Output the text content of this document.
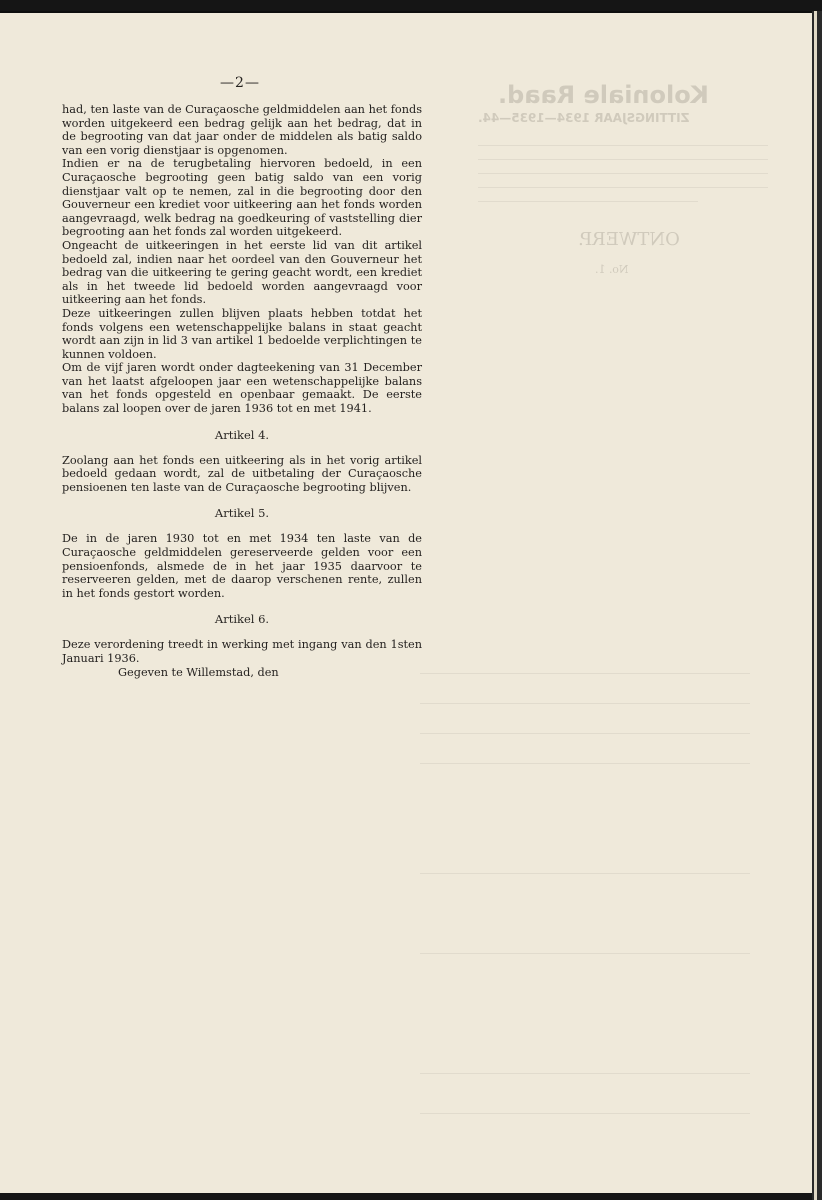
Koloniale Raad.
ZITTINGSJAAR 1934—1935—44.
ONTWERP.
No. 1.
—2—

had, ten laste van de Curaçaosche geldmiddelen aan het fonds worden uitgekeerd een bedrag gelijk aan het bedrag, dat in de begrooting van dat jaar onder de middelen als batig saldo van een vorig dienstjaar is opgenomen.

Indien er na de terugbetaling hiervoren bedoeld, in een Curaçaosche begrooting geen batig saldo van een vorig dienstjaar valt op te nemen, zal in die begrooting door den Gouverneur een krediet voor uitkeering aan het fonds worden aangevraagd, welk bedrag na goedkeuring of vaststelling dier begrooting aan het fonds zal worden uitgekeerd.

Ongeacht de uitkeeringen in het eerste lid van dit artikel bedoeld zal, indien naar het oordeel van den Gouverneur het bedrag van die uitkeering te gering geacht wordt, een krediet als in het tweede lid bedoeld worden aangevraagd voor uitkeering aan het fonds.

Deze uitkeeringen zullen blijven plaats hebben totdat het fonds volgens een wetenschappelijke balans in staat geacht wordt aan zijn in lid 3 van artikel 1 bedoelde verplichtingen te kunnen voldoen.

Om de vijf jaren wordt onder dagteekening van 31 December van het laatst afgeloopen jaar een wetenschappelijke balans van het fonds opgesteld en openbaar gemaakt. De eerste balans zal loopen over de jaren 1936 tot en met 1941.

Artikel 4.

Zoolang aan het fonds een uitkeering als in het vorig artikel bedoeld gedaan wordt, zal de uitbetaling der Curaçaosche pensioenen ten laste van de Curaçaosche begrooting blijven.

Artikel 5.

De in de jaren 1930 tot en met 1934 ten laste van de Curaçaosche geldmiddelen gereserveerde gelden voor een pensioenfonds, alsmede de in het jaar 1935 daarvoor te reserveeren gelden, met de daarop verschenen rente, zullen in het fonds gestort worden.

Artikel 6.

Deze verordening treedt in werking met ingang van den 1sten Januari 1936.

Gegeven te Willemstad, den
